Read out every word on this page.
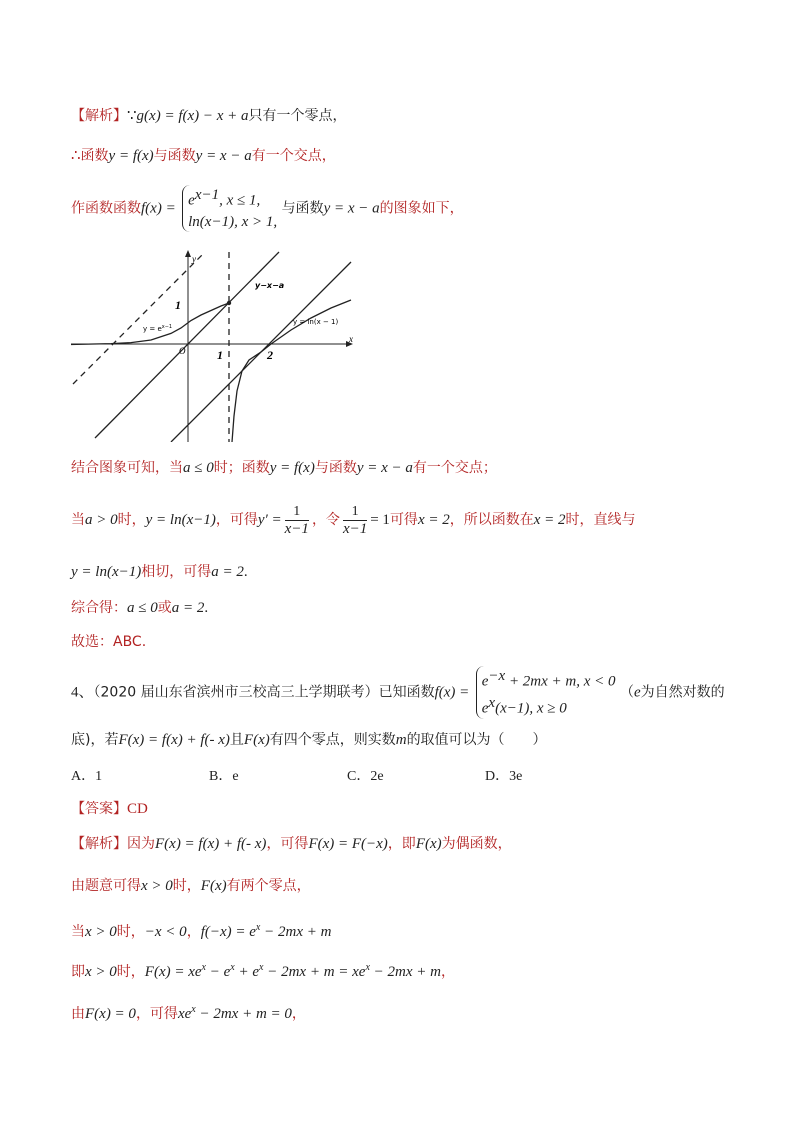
【解析】∵g(x) = f(x) − x + a只有一个零点，
∴函数y = f(x)与函数y = x − a有一个交点，
作函数函数$f(x) = e^{x-1}$, x ≤ 1,
ln(x−1), x > 1,
与函数y = x − a的图象如下，
y
x
O	1	2
1
$y = e^{x-1}$
y−x−a
y = ln(x − 1)
结合图象可知，当a ≤ 0时；函数y = f(x)与函数y = x − a有一个交点；
当a > 0时，y = ln(x−1)，可得$y' = \frac{1}{x-1}$ ，令 $\frac{1}{x-1} = 1$可得x = 2，所以函数在x = 2时，直线与
y = ln(x−1)相切，可得a = 2.
综合得：a ≤ 0或a = 2.
故选：ABC.
4、（2020 届山东省滨州市三校高三上学期联考）已知函数f(x) =
$e^{-x} + 2mx + m$, x < 0
$e^x(x-1)$, x ≥ 0
（e为自然对数的
底)，若F(x) = f(x) + f(- x)且F(x)有四个零点，则实数m的取值可以为（　　）
A．1	B．e	C．2e	D．3e
【答案】CD
【解析】因为F(x) = f(x) + f(- x)，可得F(x) = F(−x)，即F(x)为偶函数，
由题意可得x > 0时，F(x)有两个零点，
当x > 0时，−x < 0，$f(-x) = e^x - 2mx + m$
即x > 0时，$F(x) = xe^x - e^x + e^x - 2mx + m = xe^x - 2mx + m$，
由F(x) = 0，可得$xe^x - 2mx + m = 0$，
